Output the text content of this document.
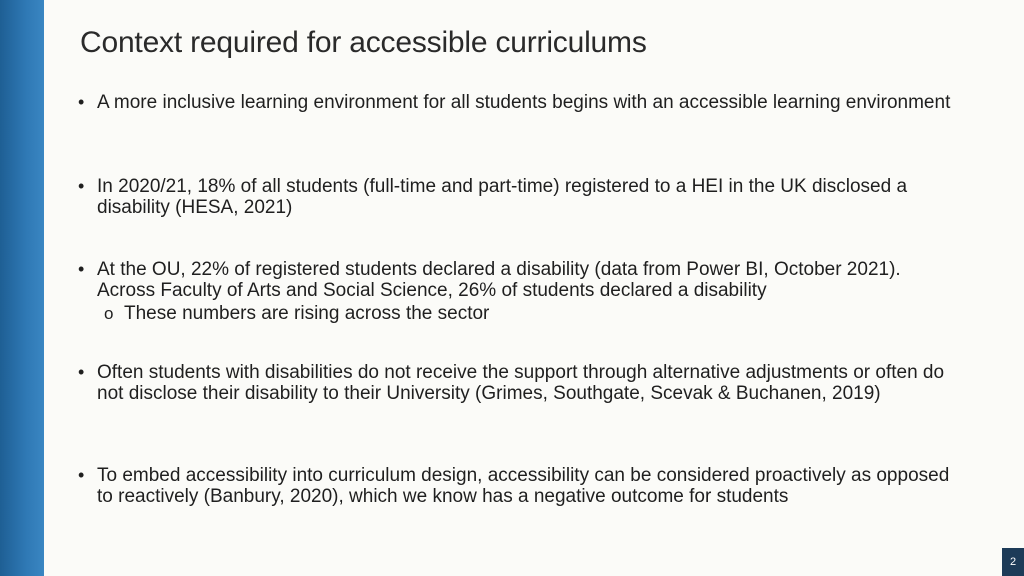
Context required for accessible curriculums
• A more inclusive learning environment for all students begins with an accessible learning environment
• In 2020/21, 18% of all students (full-time and part-time) registered to a HEI in the UK disclosed a disability (HESA, 2021)
• At the OU, 22% of registered students declared a disability (data from Power BI, October 2021). Across Faculty of Arts and Social Science, 26% of students declared a disability
o These numbers are rising across the sector
• Often students with disabilities do not receive the support through alternative adjustments or often do not disclose their disability to their University (Grimes, Southgate, Scevak & Buchanen, 2019)
• To embed accessibility into curriculum design, accessibility can be considered proactively as opposed to reactively (Banbury, 2020), which we know has a negative outcome for students
2
